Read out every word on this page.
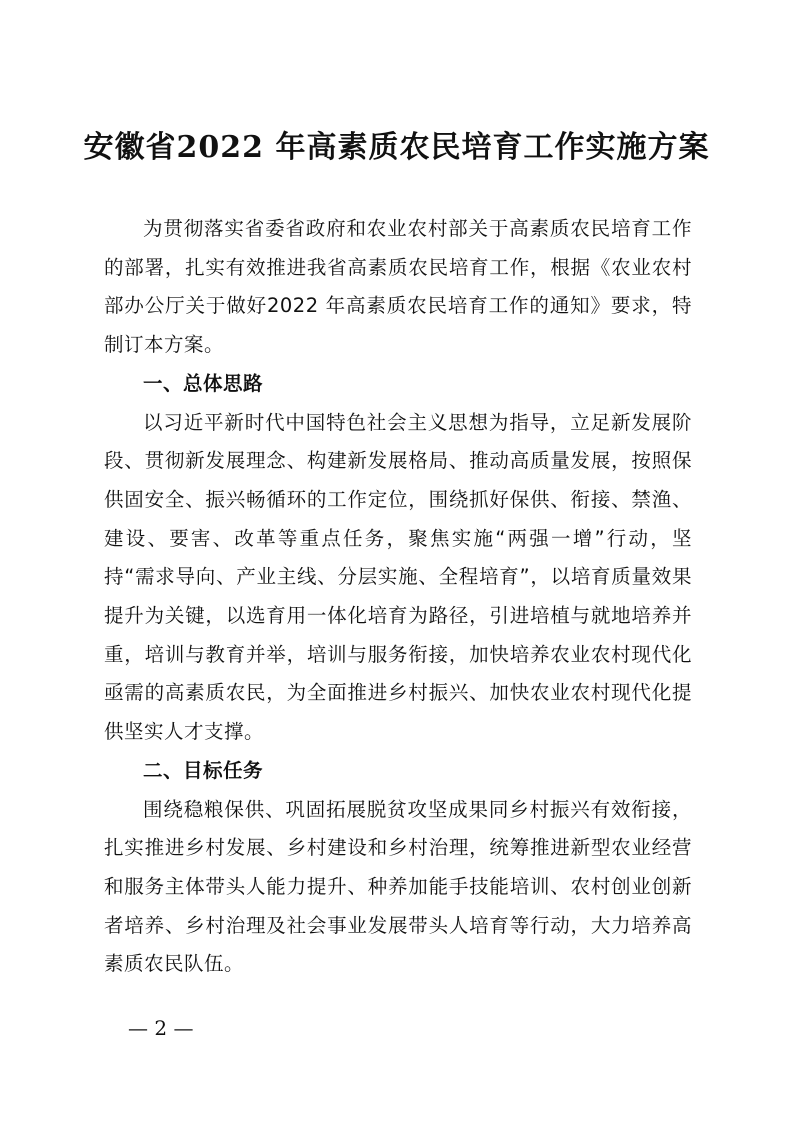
安徽省2022 年高素质农民培育工作实施方案

为贯彻落实省委省政府和农业农村部关于高素质农民培育工作的部署，扎实有效推进我省高素质农民培育工作，根据《农业农村部办公厅关于做好2022 年高素质农民培育工作的通知》要求，特制订本方案。

一、总体思路

以习近平新时代中国特色社会主义思想为指导，立足新发展阶段、贯彻新发展理念、构建新发展格局、推动高质量发展，按照保供固安全、振兴畅循环的工作定位，围绕抓好保供、衔接、禁渔、建设、要害、改革等重点任务，聚焦实施“两强一增”行动，坚持“需求导向、产业主线、分层实施、全程培育”，以培育质量效果提升为关键，以选育用一体化培育为路径，引进培植与就地培养并重，培训与教育并举，培训与服务衔接，加快培养农业农村现代化亟需的高素质农民，为全面推进乡村振兴、加快农业农村现代化提供坚实人才支撑。

二、目标任务

围绕稳粮保供、巩固拓展脱贫攻坚成果同乡村振兴有效衔接，扎实推进乡村发展、乡村建设和乡村治理，统筹推进新型农业经营和服务主体带头人能力提升、种养加能手技能培训、农村创业创新者培养、乡村治理及社会事业发展带头人培育等行动，大力培养高素质农民队伍。

— 2 —
